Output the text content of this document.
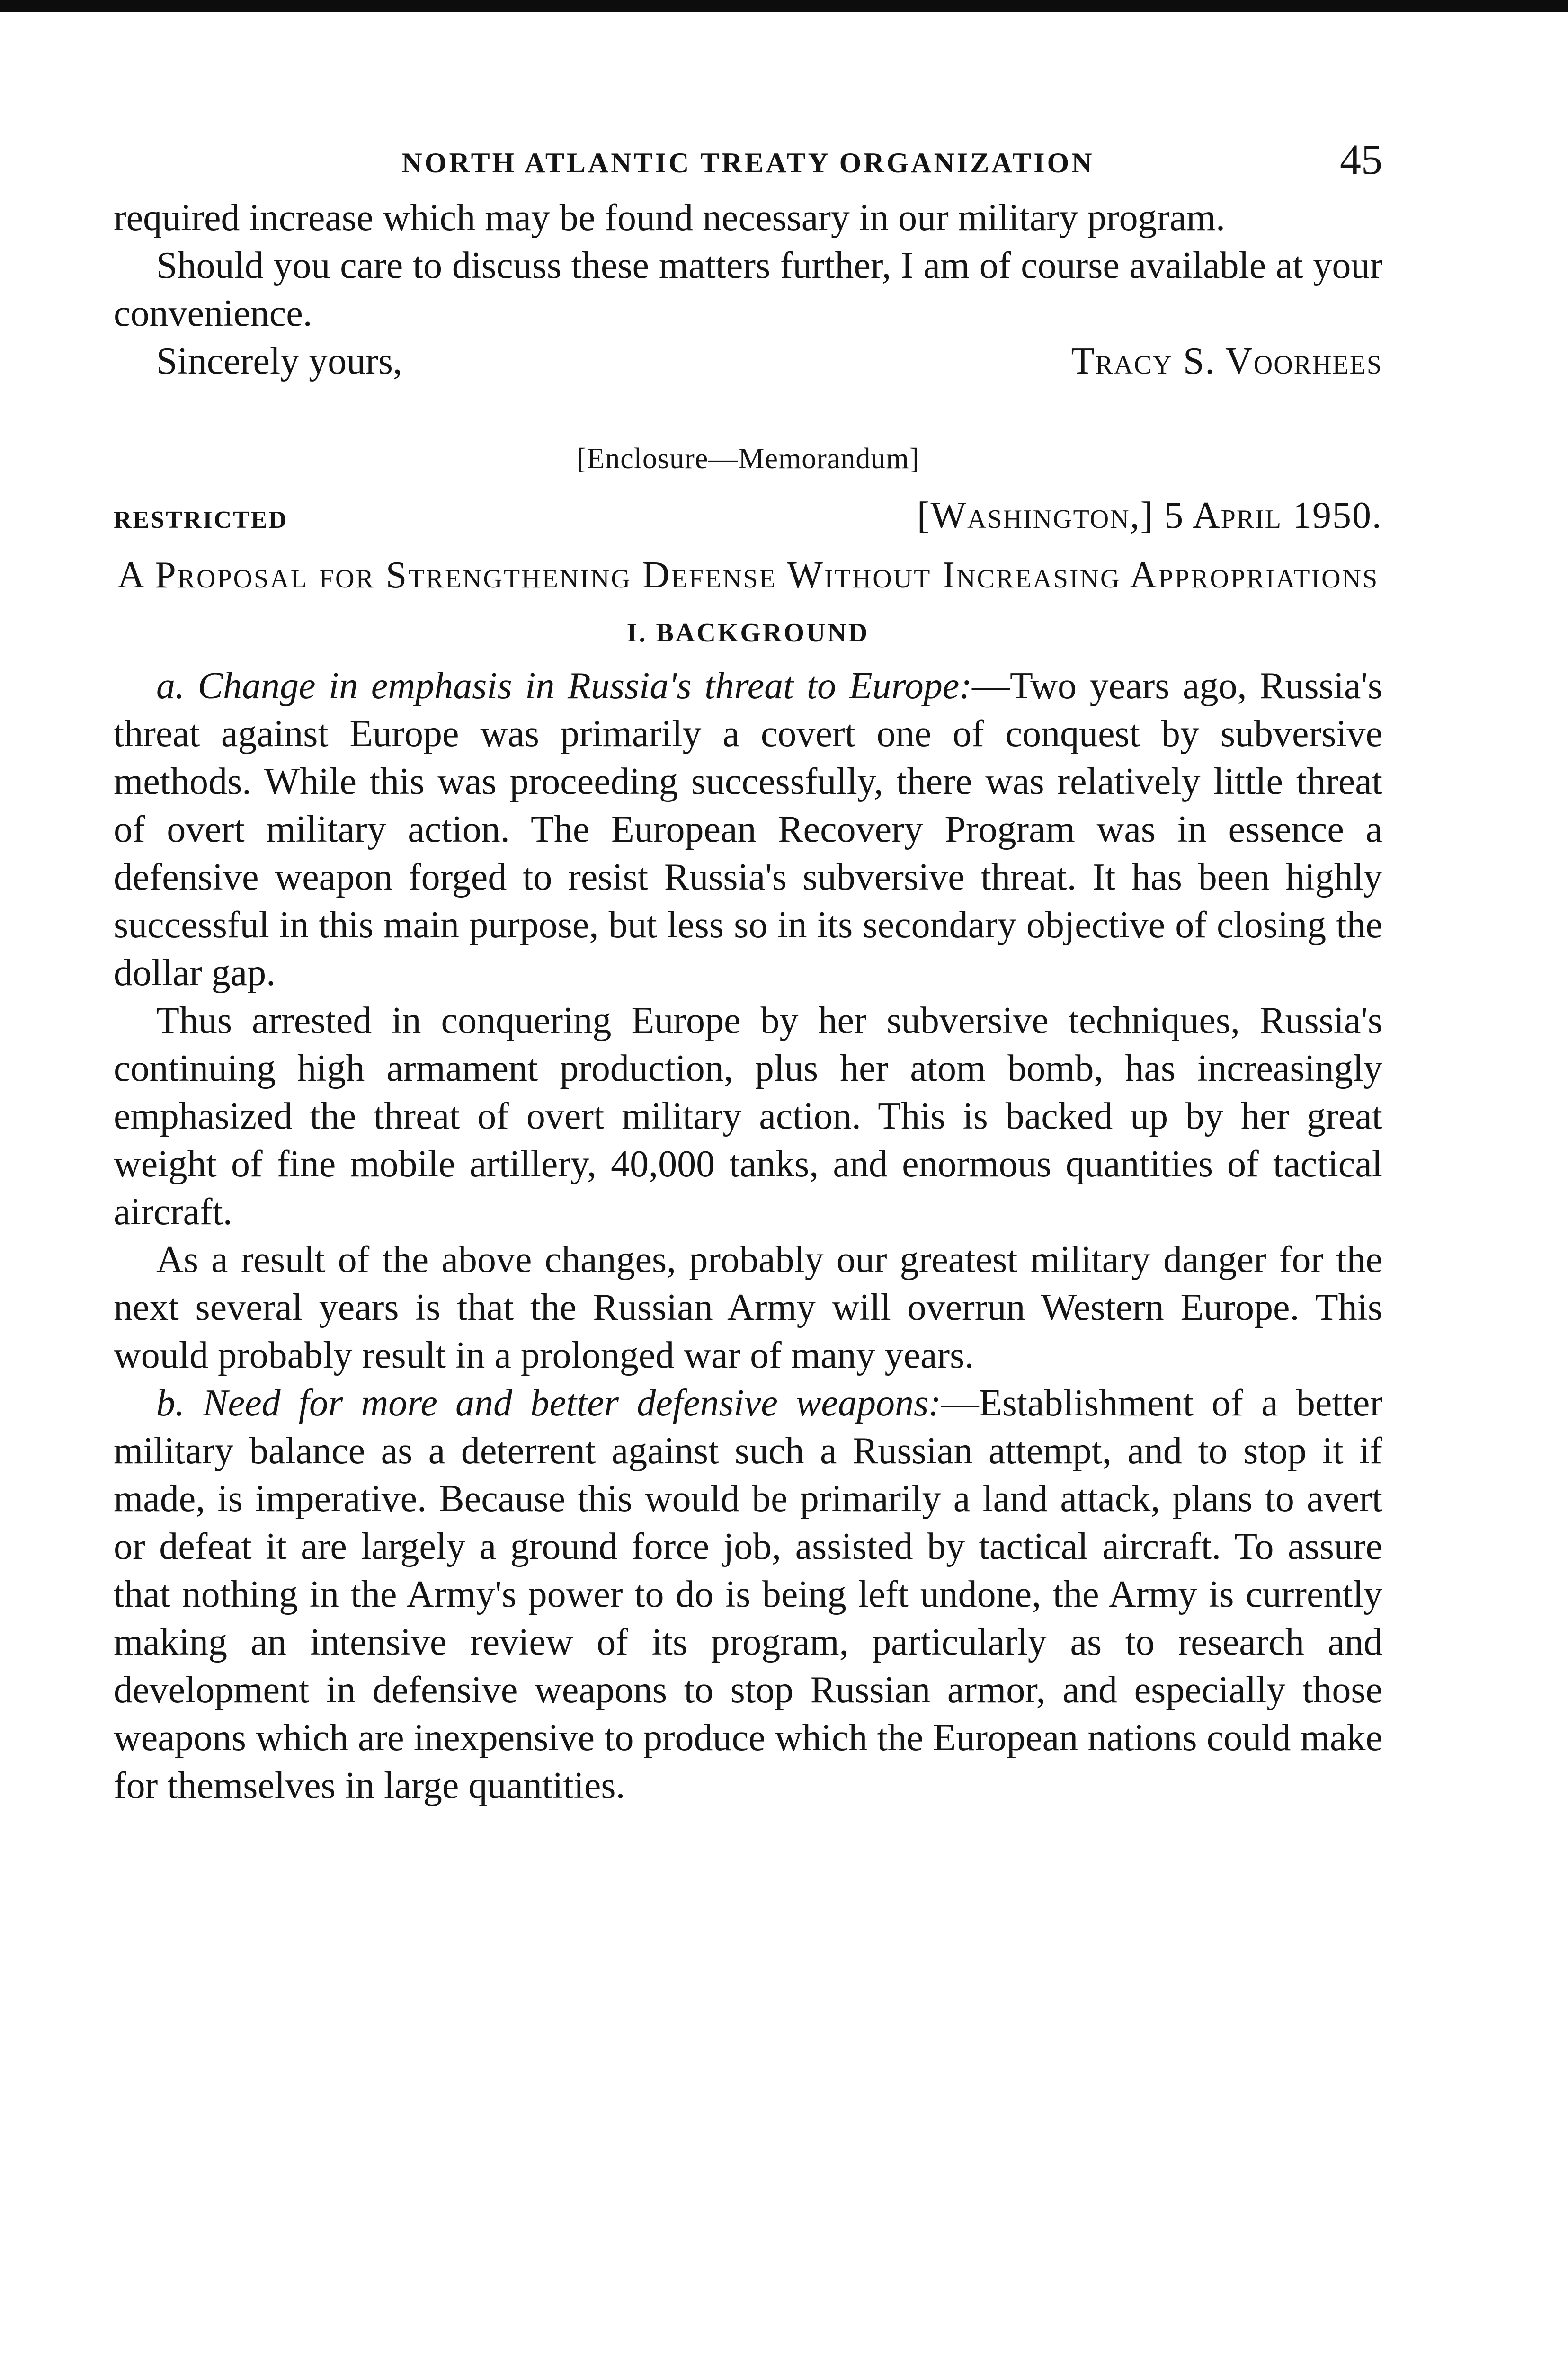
NORTH ATLANTIC TREATY ORGANIZATION	45

required increase which may be found necessary in our military program.

Should you care to discuss these matters further, I am of course available at your convenience.

Sincerely yours,	Tracy S. Voorhees
[Enclosure—Memorandum]
RESTRICTED	[Washington,] 5 April 1950.
A Proposal for Strengthening Defense Without Increasing Appropriations
I. BACKGROUND

a. Change in emphasis in Russia's threat to Europe:—Two years ago, Russia's threat against Europe was primarily a covert one of conquest by subversive methods. While this was proceeding successfully, there was relatively little threat of overt military action. The European Recovery Program was in essence a defensive weapon forged to resist Russia's subversive threat. It has been highly successful in this main purpose, but less so in its secondary objective of closing the dollar gap.

Thus arrested in conquering Europe by her subversive techniques, Russia's continuing high armament production, plus her atom bomb, has increasingly emphasized the threat of overt military action. This is backed up by her great weight of fine mobile artillery, 40,000 tanks, and enormous quantities of tactical aircraft.

As a result of the above changes, probably our greatest military danger for the next several years is that the Russian Army will overrun Western Europe. This would probably result in a prolonged war of many years.

b. Need for more and better defensive weapons:—Establishment of a better military balance as a deterrent against such a Russian attempt, and to stop it if made, is imperative. Because this would be primarily a land attack, plans to avert or defeat it are largely a ground force job, assisted by tactical aircraft. To assure that nothing in the Army's power to do is being left undone, the Army is currently making an intensive review of its program, particularly as to research and development in defensive weapons to stop Russian armor, and especially those weapons which are inexpensive to produce which the European nations could make for themselves in large quantities.
